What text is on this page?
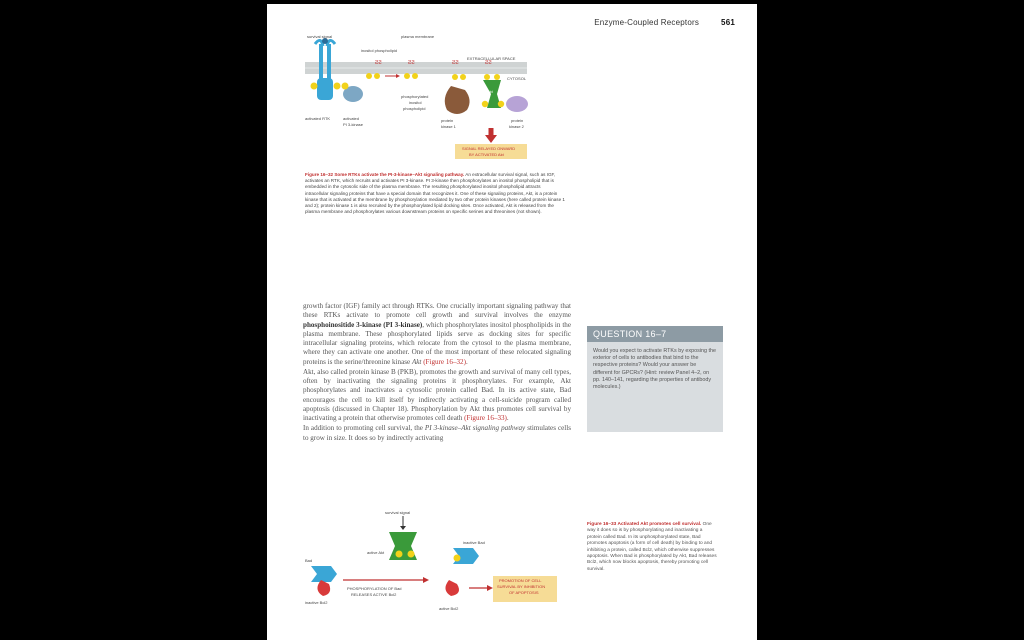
Enzyme-Coupled Receptors	561
ƧƧ	ƧƧ	ƧƧ	ƧƧ
survival signal	plasma membrane
inositol phospholipid
EXTRACELLULAR SPACE
CYTOSOL
phosphorylated
inositol
phospholipid
activated RTK	activated
PI 3-kinase
Akt
protein
kinase 1
protein
kinase 2
SIGNAL RELAYED ONWARD
BY ACTIVATED Akt
Figure 16–32 Some RTKs activate the PI-3-kinase–Akt signaling pathway. An extracellular survival signal, such as IGF, activates an RTK, which recruits and activates PI 3-kinase. PI 3-kinase then phosphorylates an inositol phospholipid that is embedded in the cytosolic side of the plasma membrane. The resulting phosphorylated inositol phospholipid attracts intracellular signaling proteins that have a special domain that recognizes it. One of these signaling proteins, Akt, is a protein kinase that is activated at the membrane by phosphorylation mediated by two other protein kinases (here called protein kinase 1 and 2); protein kinase 1 is also recruited by the phosphorylated lipid docking sites. Once activated, Akt is released from the plasma membrane and phosphorylates various downstream proteins on specific serines and threonines (not shown).

growth factor (IGF) family act through RTKs. One crucially important signaling pathway that these RTKs activate to promote cell growth and survival involves the enzyme phosphoinositide 3-kinase (PI 3-kinase), which phosphorylates inositol phospholipids in the plasma membrane. These phosphorylated lipids serve as docking sites for specific intracellular signaling proteins, which relocate from the cytosol to the plasma membrane, where they can activate one another. One of the most important of these relocated signaling proteins is the serine/threonine kinase Akt (Figure 16–32).

Akt, also called protein kinase B (PKB), promotes the growth and survival of many cell types, often by inactivating the signaling proteins it phosphorylates. For example, Akt phosphorylates and inactivates a cytosolic protein called Bad. In its active state, Bad encourages the cell to kill itself by indirectly activating a cell-suicide program called apoptosis (discussed in Chapter 18). Phosphorylation by Akt thus promotes cell survival by inactivating a protein that otherwise promotes cell death (Figure 16–33).

In addition to promoting cell survival, the PI 3-kinase–Akt signaling pathway stimulates cells to grow in size. It does so by indirectly activating

QUESTION 16–7
Would you expect to activate RTKs by exposing the exterior of cells to antibodies that bind to the respective proteins? Would your answer be different for GPCRs? (Hint: review Panel 4–2, on pp. 140–141, regarding the properties of antibody molecules.)
survival signal
inactive Bad
active Akt
Bad
PHOSPHORYLATION OF Bad
RELEASES ACTIVE Bcl2
PROMOTION OF CELL
SURVIVAL BY INHIBITION
OF APOPTOSIS
inactive Bcl2
active Bcl2
Figure 16–33 Activated Akt promotes cell survival. One way it does so is by phosphorylating and inactivating a protein called Bad. In its unphosphorylated state, Bad promotes apoptosis (a form of cell death) by binding to and inhibiting a protein, called Bcl2, which otherwise suppresses apoptosis. When Bad is phosphorylated by Akt, Bad releases Bcl2, which now blocks apoptosis, thereby promoting cell survival.
